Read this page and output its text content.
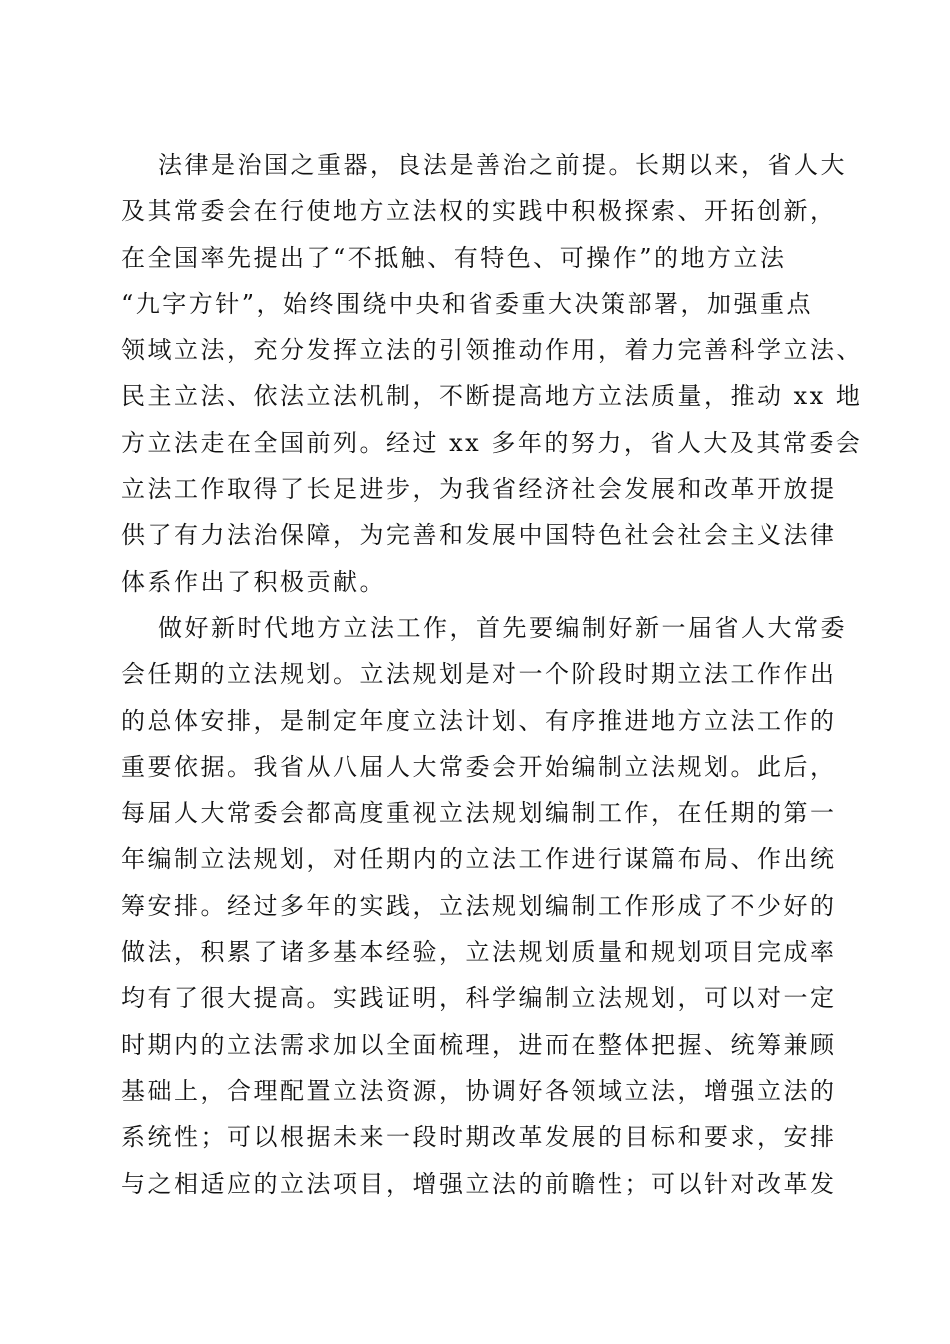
法律是治国之重器，良法是善治之前提。长期以来，省人大
及其常委会在行使地方立法权的实践中积极探索、开拓创新，
在全国率先提出了“不抵触、有特色、可操作”的地方立法
“九字方针”，始终围绕中央和省委重大决策部署，加强重点
领域立法，充分发挥立法的引领推动作用，着力完善科学立法、
民主立法、依法立法机制，不断提高地方立法质量，推动 xx 地
方立法走在全国前列。经过 xx 多年的努力，省人大及其常委会
立法工作取得了长足进步，为我省经济社会发展和改革开放提
供了有力法治保障，为完善和发展中国特色社会社会主义法律
体系作出了积极贡献。
做好新时代地方立法工作，首先要编制好新一届省人大常委
会任期的立法规划。立法规划是对一个阶段时期立法工作作出
的总体安排，是制定年度立法计划、有序推进地方立法工作的
重要依据。我省从八届人大常委会开始编制立法规划。此后，
每届人大常委会都高度重视立法规划编制工作，在任期的第一
年编制立法规划，对任期内的立法工作进行谋篇布局、作出统
筹安排。经过多年的实践，立法规划编制工作形成了不少好的
做法，积累了诸多基本经验，立法规划质量和规划项目完成率
均有了很大提高。实践证明，科学编制立法规划，可以对一定
时期内的立法需求加以全面梳理，进而在整体把握、统筹兼顾
基础上，合理配置立法资源，协调好各领域立法，增强立法的
系统性；可以根据未来一段时期改革发展的目标和要求，安排
与之相适应的立法项目，增强立法的前瞻性；可以针对改革发
